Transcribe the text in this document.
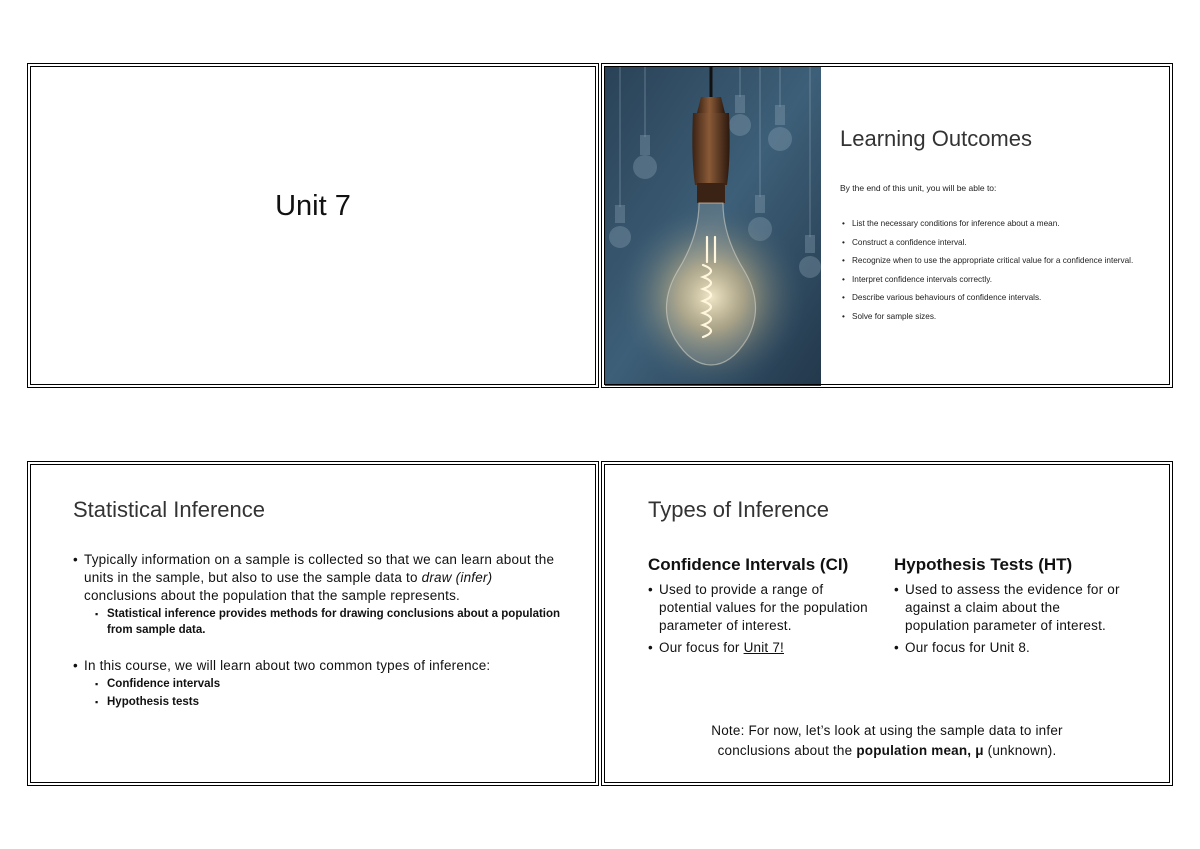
Unit 7
Learning Outcomes
By the end of this unit, you will be able to:
• List the necessary conditions for inference about a mean.
• Construct a confidence interval.
• Recognize when to use the appropriate critical value for a confidence interval.
• Interpret confidence intervals correctly.
• Describe various behaviours of confidence intervals.
• Solve for sample sizes.
Statistical Inference
• Typically information on a sample is collected so that we can learn about the units in the sample, but also to use the sample data to draw (infer) conclusions about the population that the sample represents.
▪ Statistical inference provides methods for drawing conclusions about a population from sample data.
• In this course, we will learn about two common types of inference:
▪ Confidence intervals
▪ Hypothesis tests
Types of Inference
Confidence Intervals (CI)
• Used to provide a range of potential values for the population parameter of interest.
• Our focus for Unit 7!
Hypothesis Tests (HT)
• Used to assess the evidence for or against a claim about the population parameter of interest.
• Our focus for Unit 8.
Note: For now, let’s look at using the sample data to infer
conclusions about the population mean, μ (unknown).
